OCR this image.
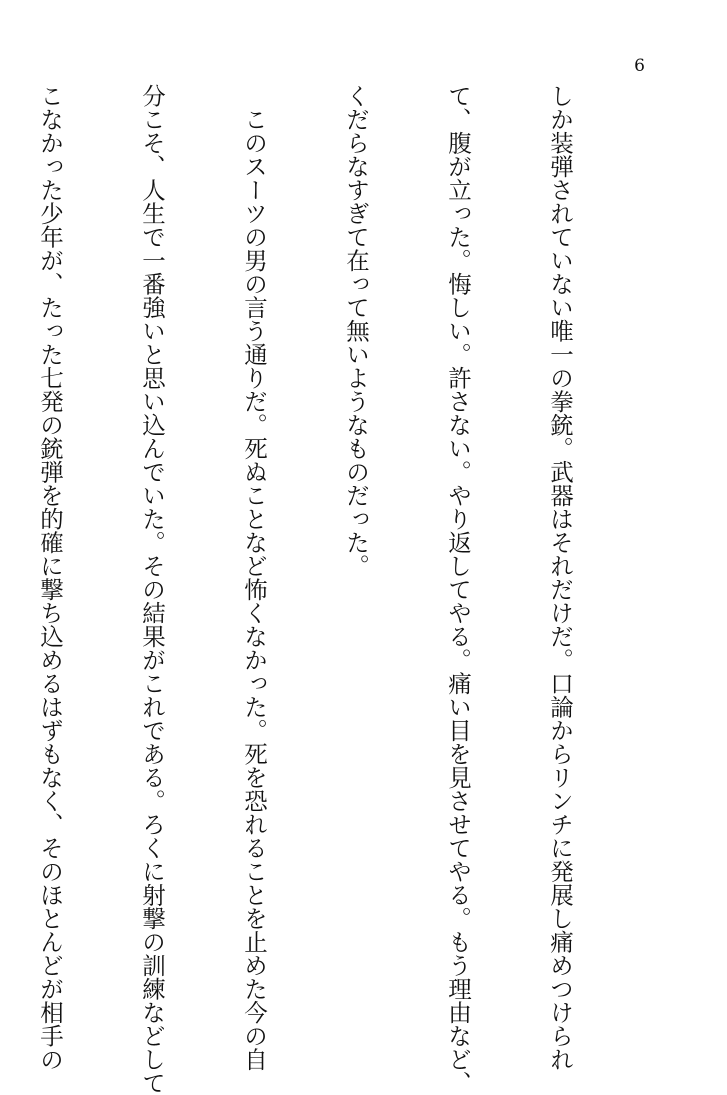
6

しか装弾されていない唯一の拳銃。武器はそれだけだ。口論からリンチに発展し痛めつけられ

て、腹が立った。悔しい。許さない。やり返してやる。痛い目を見させてやる。もう理由など、

くだらなすぎて在って無いようなものだった。

　このスーツの男の言う通りだ。死ぬことなど怖くなかった。死を恐れることを止めた今の自

分こそ、人生で一番強いと思い込んでいた。その結果がこれである。ろくに射撃の訓練などして

こなかった少年が、たった七発の銃弾を的確に撃ち込めるはずもなく、そのほとんどが相手の
